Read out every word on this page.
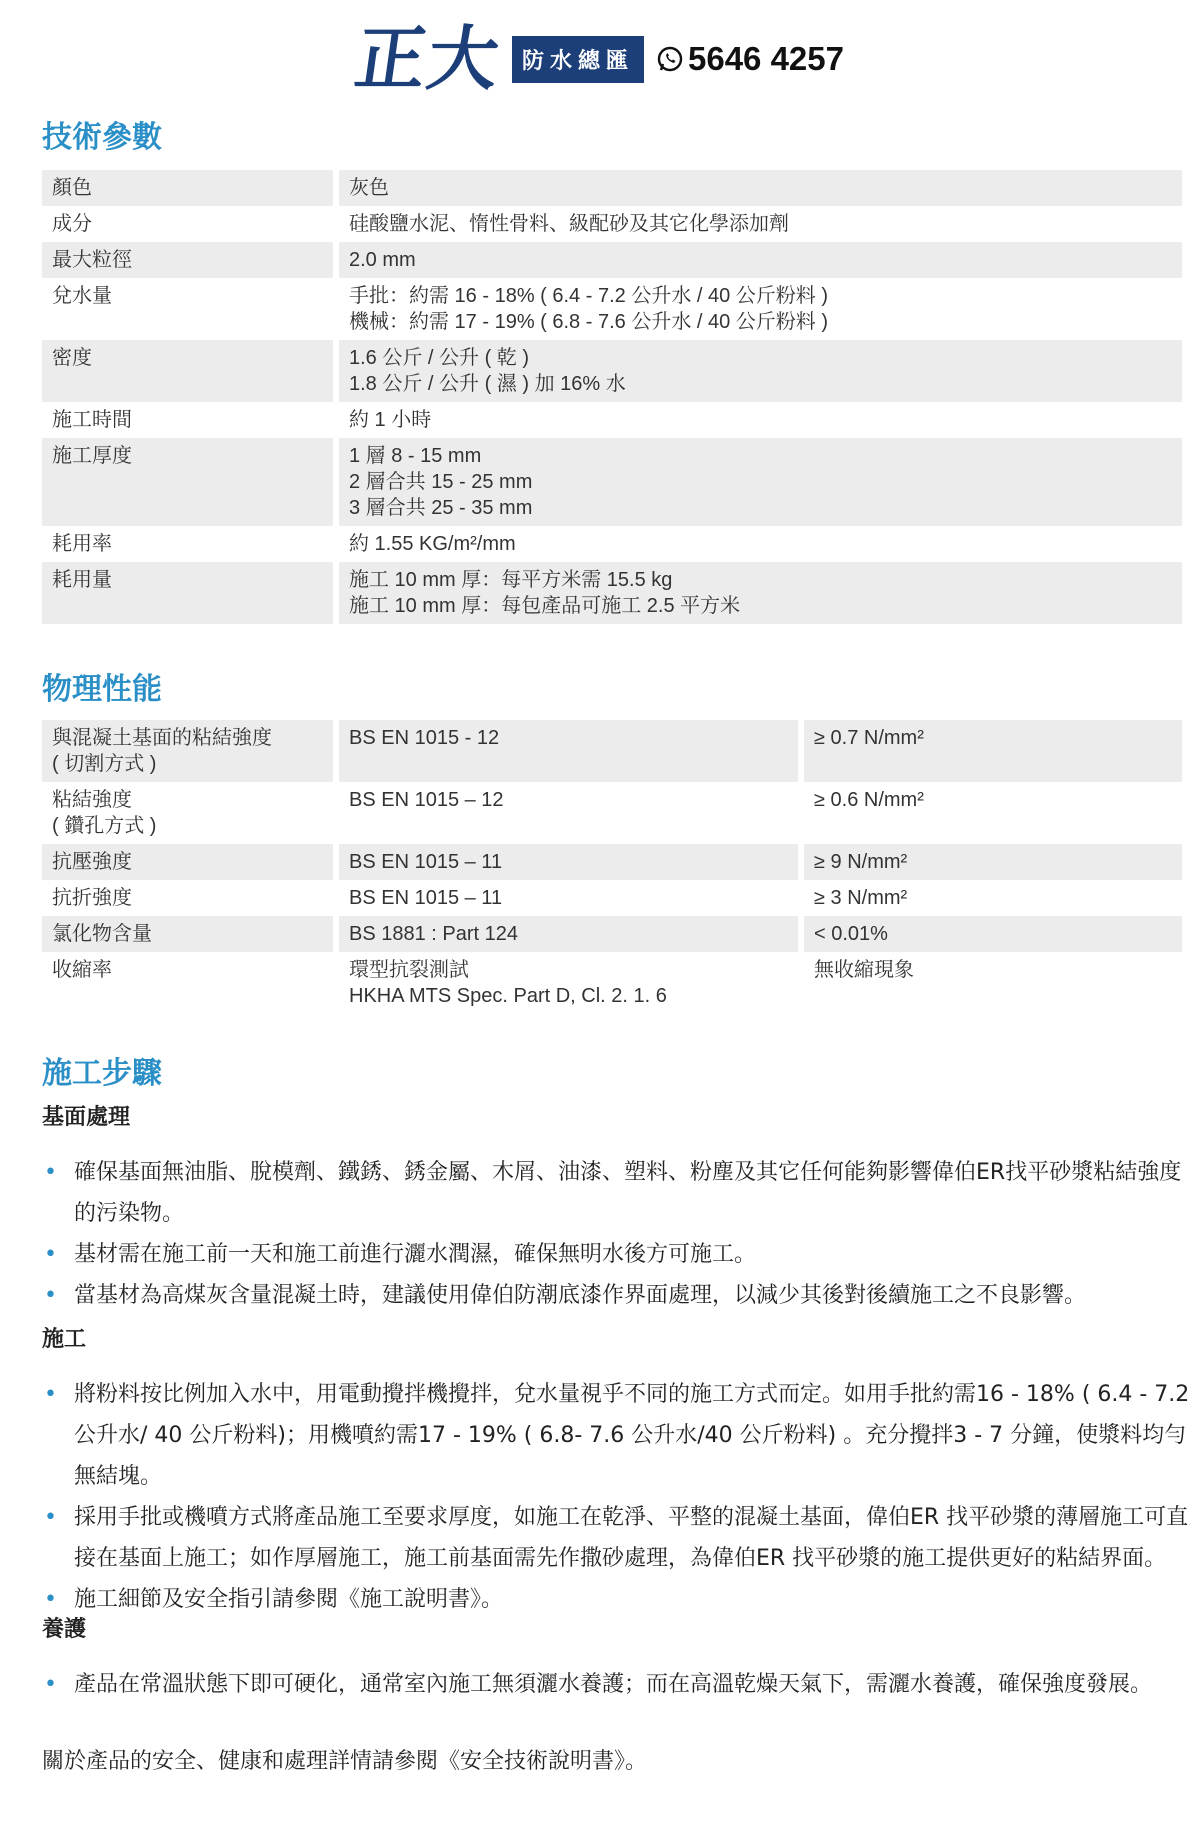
正大 防水總匯	5646 4257
技術參數
顏色	灰色

成分	硅酸鹽水泥、惰性骨料、級配砂及其它化學添加劑

最大粒徑	2.0 mm

兌水量	手批：約需 16 - 18% ( 6.4 - 7.2 公升水 / 40 公斤粉料 )
機械：約需 17 - 19% ( 6.8 - 7.6 公升水 / 40 公斤粉料 )

密度	1.6 公斤 / 公升 ( 乾 )
1.8 公斤 / 公升 ( 濕 ) 加 16% 水

施工時間	約 1 小時

施工厚度	1 層 8 - 15 mm
2 層合共 15 - 25 mm
3 層合共 25 - 35 mm

耗用率	約 1.55 KG/m²/mm

耗用量	施工 10 mm 厚：每平方米需 15.5 kg
施工 10 mm 厚：每包產品可施工 2.5 平方米
物理性能
與混凝土基面的粘結強度
( 切割方式 )	BS EN 1015 - 12	≥ 0.7 N/mm²

粘結強度
( 鑽孔方式 )	BS EN 1015 – 12	≥ 0.6 N/mm²

抗壓強度	BS EN 1015 – 11	≥ 9 N/mm²

抗折強度	BS EN 1015 – 11	≥ 3 N/mm²

氯化物含量	BS 1881 : Part 124	< 0.01%

收縮率	環型抗裂測試
HKHA MTS Spec. Part D, Cl. 2. 1. 6	無收縮現象
施工步驟
基面處理
• 確保基面無油脂、脫模劑、鐵銹、銹金屬、木屑、油漆、塑料、粉塵及其它任何能夠影響偉伯ER找平砂漿粘結強度的污染物。
• 基材需在施工前一天和施工前進行灑水潤濕，確保無明水後方可施工。
• 當基材為高煤灰含量混凝土時，建議使用偉伯防潮底漆作界面處理，以減少其後對後續施工之不良影響。
施工
• 將粉料按比例加入水中，用電動攪拌機攪拌，兌水量視乎不同的施工方式而定。如用手批約需16 - 18% ( 6.4 - 7.2 公升水/ 40 公斤粉料)；用機噴約需17 - 19% ( 6.8- 7.6 公升水/40 公斤粉料) 。充分攪拌3 - 7 分鐘，使漿料均勻無結塊。
• 採用手批或機噴方式將產品施工至要求厚度，如施工在乾淨、平整的混凝土基面，偉伯ER 找平砂漿的薄層施工可直接在基面上施工；如作厚層施工，施工前基面需先作撒砂處理，為偉伯ER 找平砂漿的施工提供更好的粘結界面。
• 施工細節及安全指引請參閱《施工說明書》。
養護
• 產品在常溫狀態下即可硬化，通常室內施工無須灑水養護；而在高溫乾燥天氣下，需灑水養護，確保強度發展。
關於產品的安全、健康和處理詳情請參閱《安全技術說明書》。
